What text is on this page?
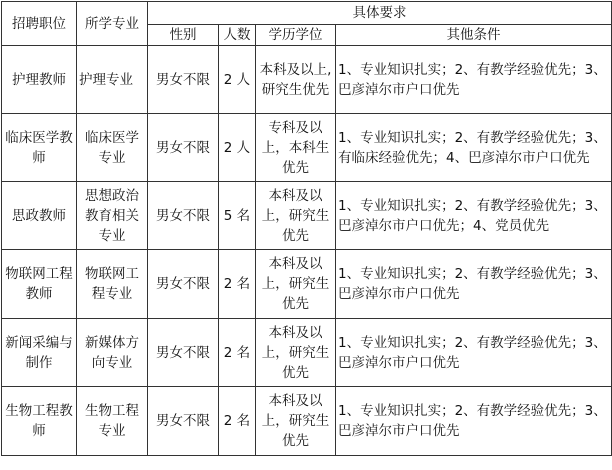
招聘职位	所学专业	具体要求			
		性别	人数	学历学位	其他条件
护理教师	护理专业	男女不限	2 人	本科及以上,研究生优先	1、专业知识扎实；2、有教学经验优先；3、巴彦淖尔市户口优先
临床医学教师	临床医学专业	男女不限	2 人	专科及以上，本科生优先	1、专业知识扎实；2、有教学经验优先；3、有临床经验优先；4、巴彦淖尔市户口优先
思政教师	思想政治教育相关专业	男女不限	5 名	本科及以上，研究生优先	1、专业知识扎实；2、有教学经验优先；3、巴彦淖尔市户口优先；4、党员优先
物联网工程教师	物联网工程专业	男女不限	2 名	本科及以上，研究生优先	1、专业知识扎实；2、有教学经验优先；3、巴彦淖尔市户口优先
新闻采编与制作	新媒体方向专业	男女不限	2 名	本科及以上，研究生优先	1、专业知识扎实；2、有教学经验优先；3、巴彦淖尔市户口优先
生物工程教师	生物工程专业	男女不限	2 名	本科及以上，研究生优先	1、专业知识扎实；2、有教学经验优先；3、巴彦淖尔市户口优先
